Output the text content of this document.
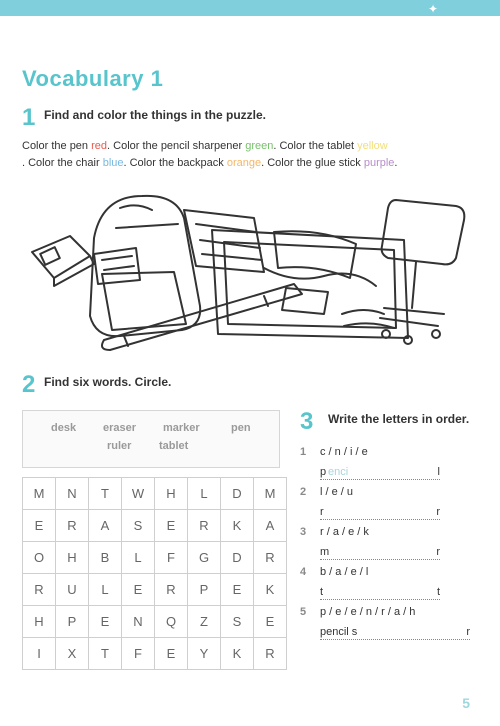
✦
Vocabulary 1
1 Find and color the things in the puzzle.
Color the pen red. Color the pencil sharpener green. Color the tablet yellow
. Color the chair blue. Color the backpack orange. Color the glue stick purple.
2 Find six words. Circle.
desk eraser marker	pen
ruler	tablet
M	N	T	W	H	L	D	M
E	R	A	S	E	R	K	A
O	H	B	L	F	G	D	R
R	U	L	E	R	P	E	K
H	P	E	N	Q	Z	S	E
I	X	T	F	E	Y	K	R
3 Write the letters in order.
1 c / n / i / e
p enci	l
2 l / e / u
r	r
3 r / a / e / k
m	r
4 b / a / e / l
t	t
5 p / e / e / n / r / a / h
pencil s	r
5
